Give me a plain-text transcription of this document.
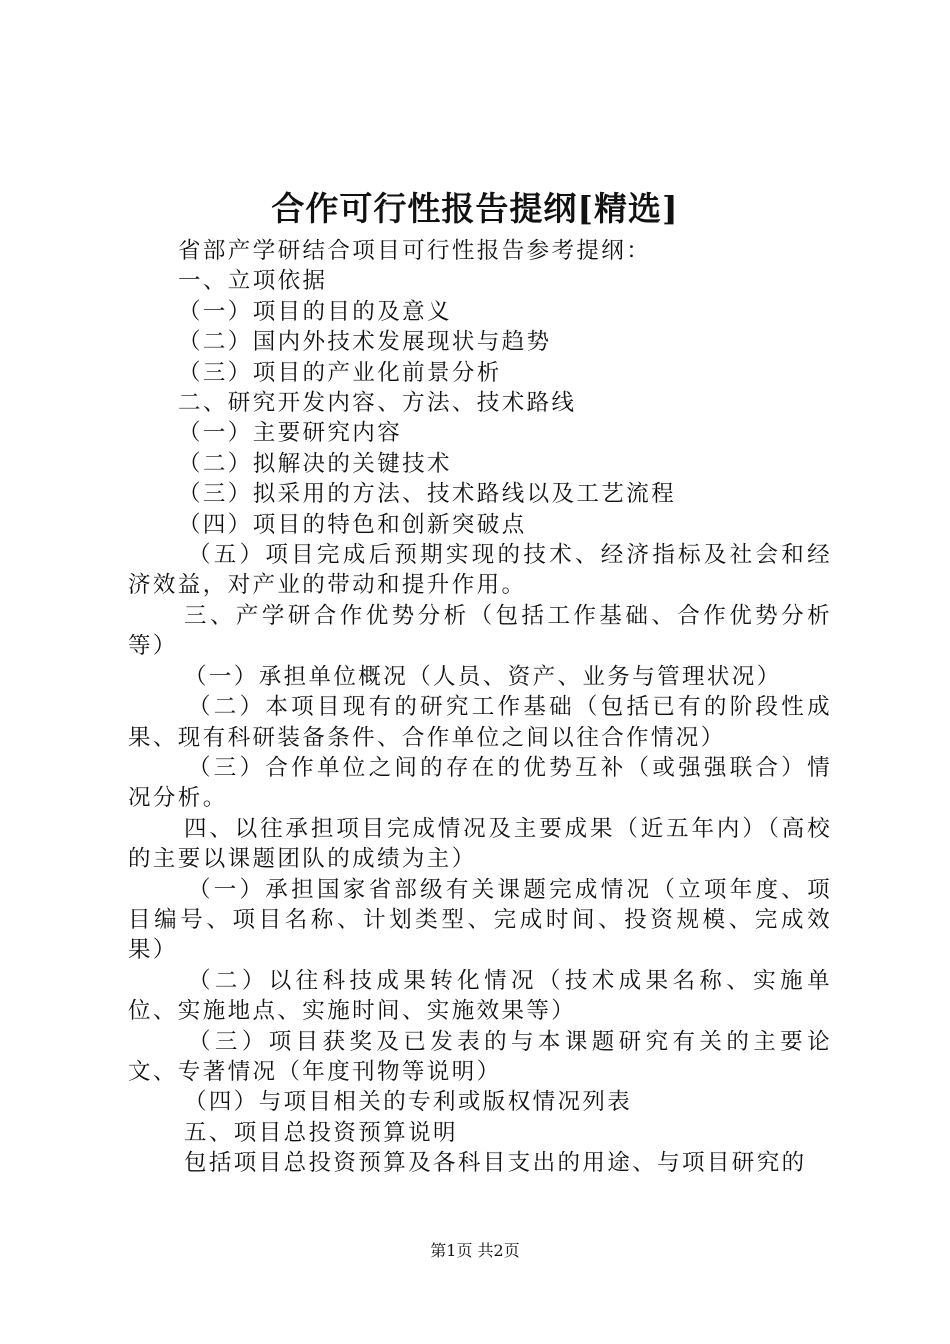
合作可行性报告提纲[精选]

省部产学研结合项目可行性报告参考提纲：

一、立项依据

（一）项目的目的及意义

（二）国内外技术发展现状与趋势

（三）项目的产业化前景分析

二、研究开发内容、方法、技术路线

（一）主要研究内容

（二）拟解决的关键技术

（三）拟采用的方法、技术路线以及工艺流程

（四）项目的特色和创新突破点

（五）项目完成后预期实现的技术、经济指标及社会和经济效益，对产业的带动和提升作用。

三、产学研合作优势分析（包括工作基础、合作优势分析等）

（一）承担单位概况（人员、资产、业务与管理状况）

（二）本项目现有的研究工作基础（包括已有的阶段性成果、现有科研装备条件、合作单位之间以往合作情况）

（三）合作单位之间的存在的优势互补（或强强联合）情况分析。

四、以往承担项目完成情况及主要成果（近五年内）（高校的主要以课题团队的成绩为主）

（一）承担国家省部级有关课题完成情况（立项年度、项目编号、项目名称、计划类型、完成时间、投资规模、完成效果）

（二）以往科技成果转化情况（技术成果名称、实施单位、实施地点、实施时间、实施效果等）

（三）项目获奖及已发表的与本课题研究有关的主要论文、专著情况（年度刊物等说明）

（四）与项目相关的专利或版权情况列表

五、项目总投资预算说明

包括项目总投资预算及各科目支出的用途、与项目研究的

第1页 共2页
